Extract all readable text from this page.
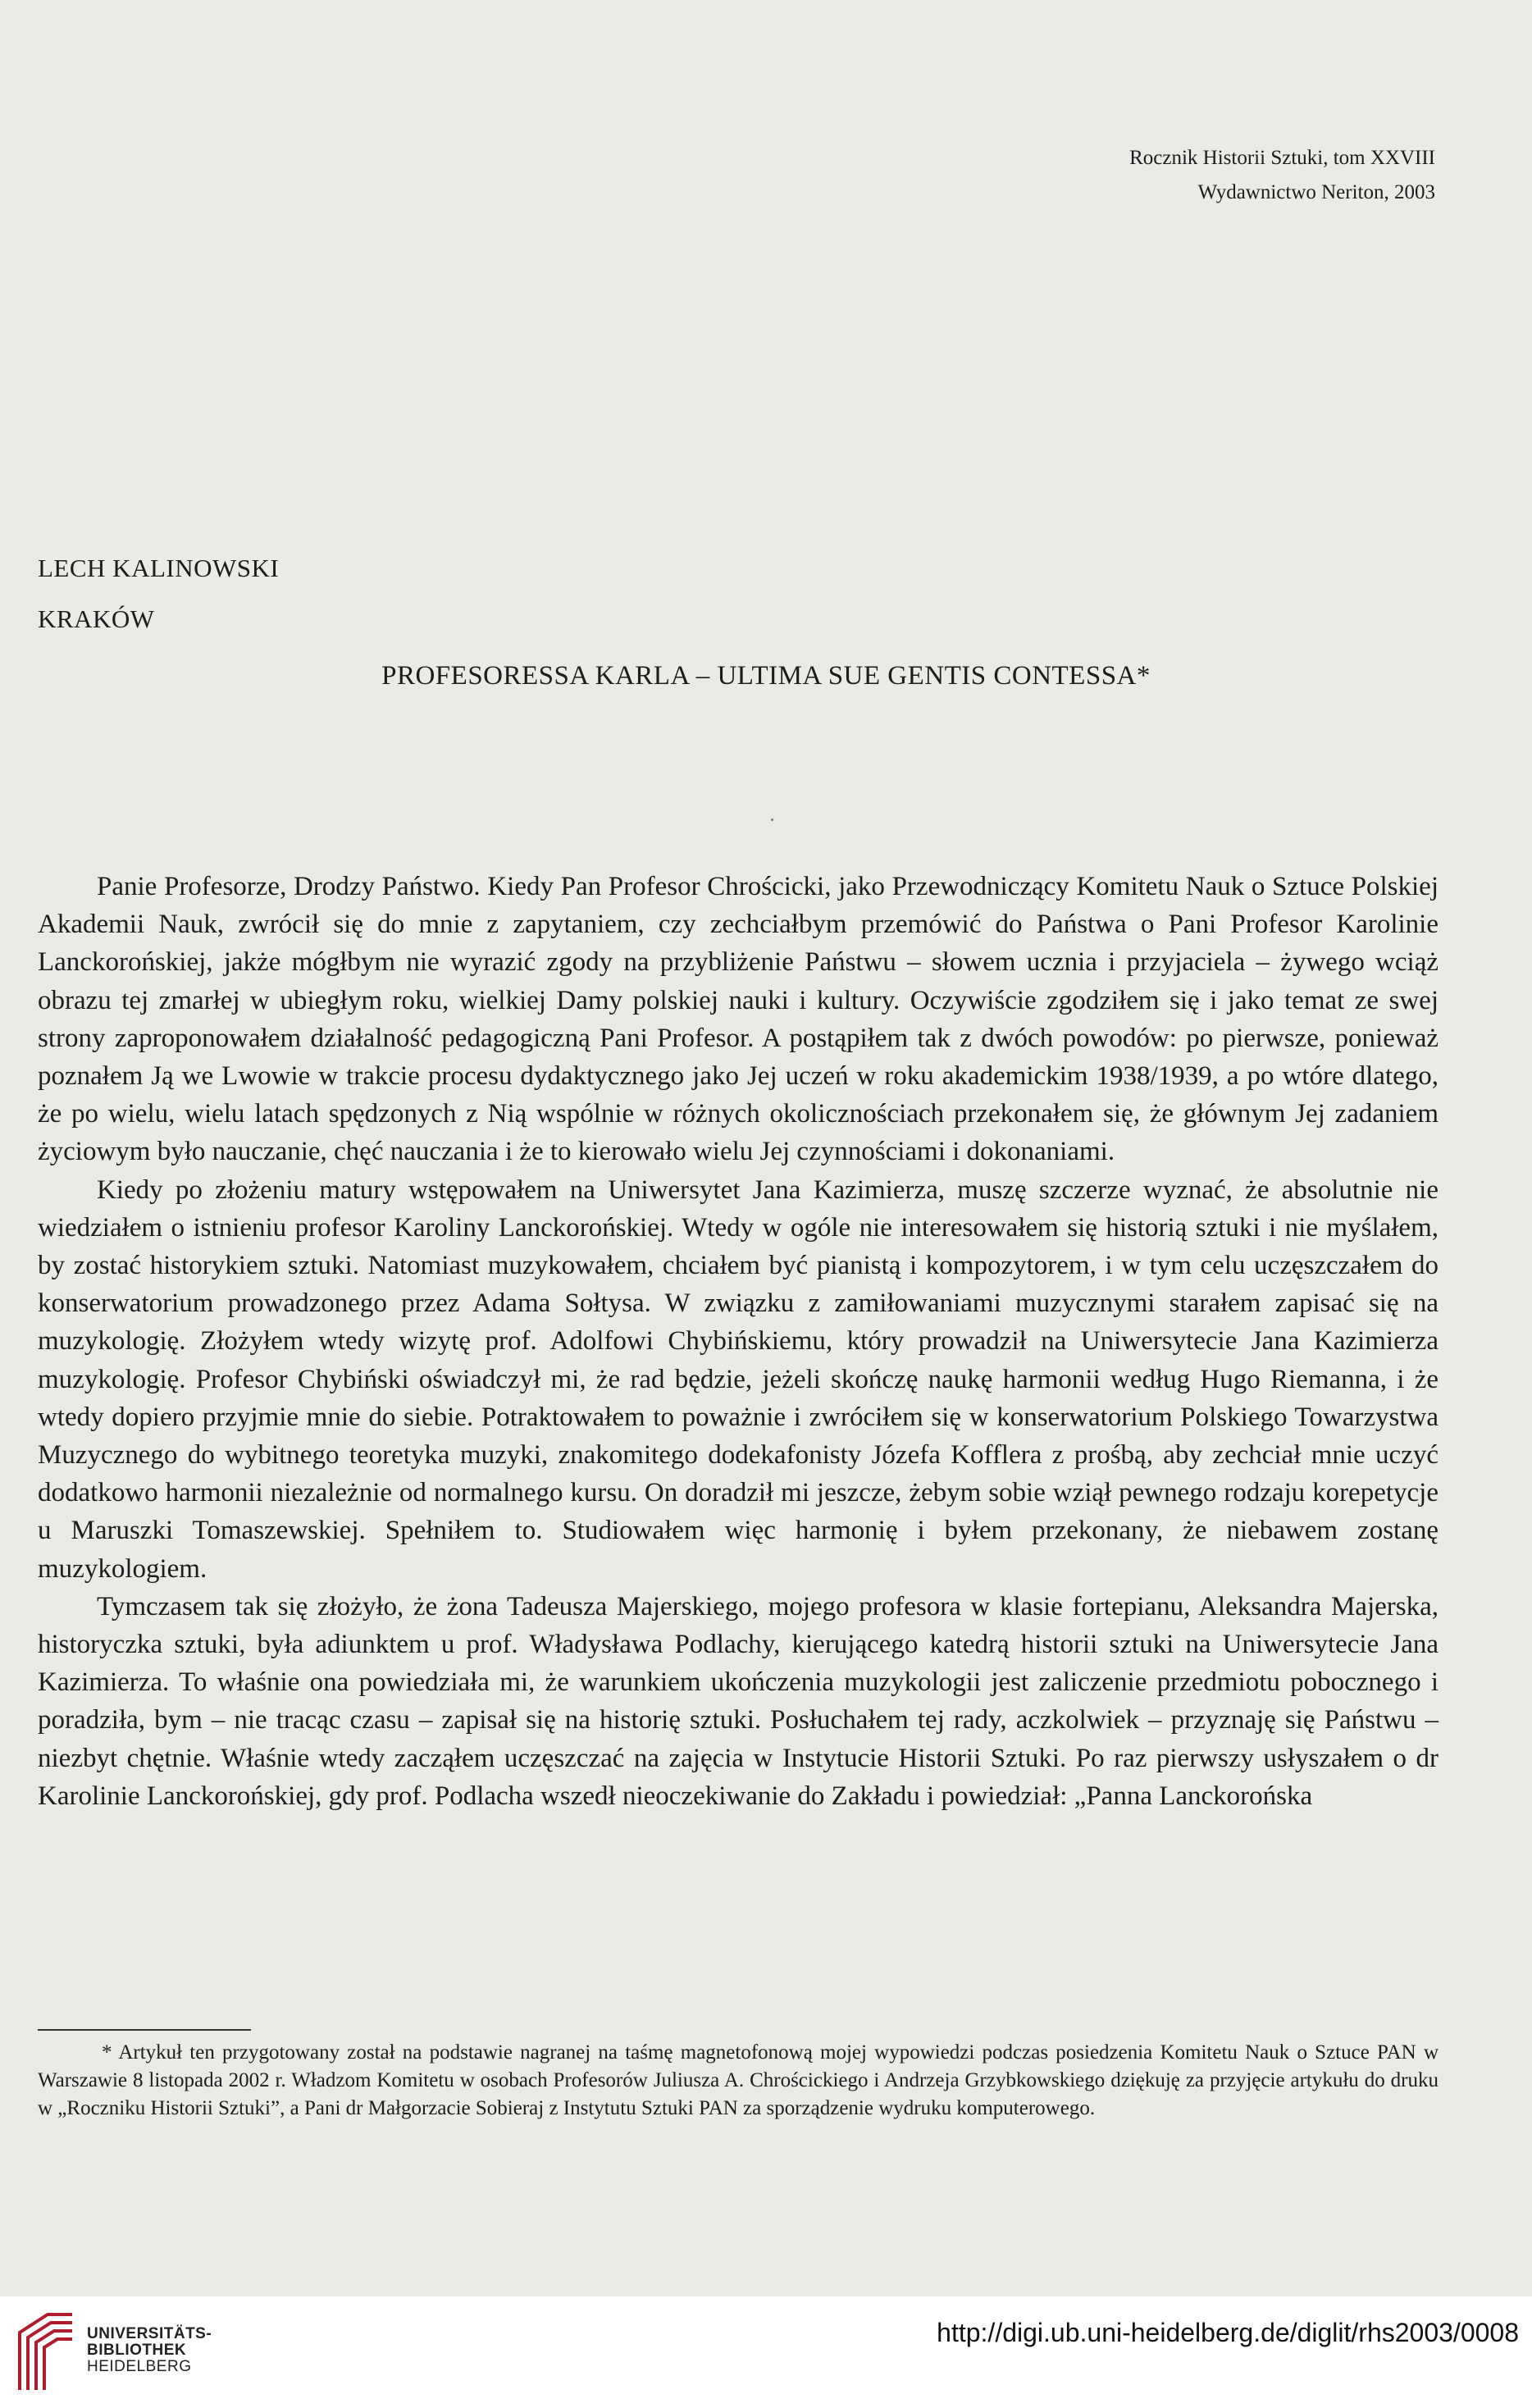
Rocznik Historii Sztuki, tom XXVIII
Wydawnictwo Neriton, 2003
LECH KALINOWSKI
KRAKÓW
PROFESORESSA KARLA – ULTIMA SUE GENTIS CONTESSA*

Panie Profesorze, Drodzy Państwo. Kiedy Pan Profesor Chrościcki, jako Przewodniczący Komitetu Nauk o Sztuce Polskiej Akademii Nauk, zwrócił się do mnie z zapytaniem, czy zechciałbym przemówić do Państwa o Pani Profesor Karolinie Lanckorońskiej, jakże mógłbym nie wyrazić zgody na przybliżenie Państwu – słowem ucznia i przyjaciela – żywego wciąż obrazu tej zmarłej w ubiegłym roku, wielkiej Damy polskiej nauki i kultury. Oczywiście zgodziłem się i jako temat ze swej strony zaproponowałem działalność pedagogiczną Pani Profesor. A postąpiłem tak z dwóch powodów: po pierwsze, ponieważ poznałem Ją we Lwowie w trakcie procesu dydaktycznego jako Jej uczeń w roku akademickim 1938/1939, a po wtóre dlatego, że po wielu, wielu latach spędzonych z Nią wspólnie w różnych okolicznościach przekonałem się, że głównym Jej zadaniem życiowym było nauczanie, chęć nauczania i że to kierowało wielu Jej czynnościami i dokonaniami.

Kiedy po złożeniu matury wstępowałem na Uniwersytet Jana Kazimierza, muszę szczerze wyznać, że absolutnie nie wiedziałem o istnieniu profesor Karoliny Lanckorońskiej. Wtedy w ogóle nie interesowałem się historią sztuki i nie myślałem, by zostać historykiem sztuki. Natomiast muzykowałem, chciałem być pianistą i kompozytorem, i w tym celu uczęszczałem do konserwatorium prowadzonego przez Adama Sołtysa. W związku z zamiłowaniami muzycznymi starałem zapisać się na muzykologię. Złożyłem wtedy wizytę prof. Adolfowi Chybińskiemu, który prowadził na Uniwersytecie Jana Kazimierza muzykologię. Profesor Chybiński oświadczył mi, że rad będzie, jeżeli skończę naukę harmonii według Hugo Riemanna, i że wtedy dopiero przyjmie mnie do siebie. Potraktowałem to poważnie i zwróciłem się w konserwatorium Polskiego Towarzystwa Muzycznego do wybitnego teoretyka muzyki, znakomitego dodekafonisty Józefa Kofflera z prośbą, aby zechciał mnie uczyć dodatkowo harmonii niezależnie od normalnego kursu. On doradził mi jeszcze, żebym sobie wziął pewnego rodzaju korepetycje u Maruszki Tomaszewskiej. Spełniłem to. Studiowałem więc harmonię i byłem przekonany, że niebawem zostanę muzykologiem.

Tymczasem tak się złożyło, że żona Tadeusza Majerskiego, mojego profesora w klasie fortepianu, Aleksandra Majerska, historyczka sztuki, była adiunktem u prof. Władysława Podlachy, kierującego katedrą historii sztuki na Uniwersytecie Jana Kazimierza. To właśnie ona powiedziała mi, że warunkiem ukończenia muzykologii jest zaliczenie przedmiotu pobocznego i poradziła, bym – nie tracąc czasu – zapisał się na historię sztuki. Posłuchałem tej rady, aczkolwiek – przyznaję się Państwu – niezbyt chętnie. Właśnie wtedy zacząłem uczęszczać na zajęcia w Instytucie Historii Sztuki. Po raz pierwszy usłyszałem o dr Karolinie Lanckorońskiej, gdy prof. Podlacha wszedł nieoczekiwanie do Zakładu i powiedział: „Panna Lanckorońska

* Artykuł ten przygotowany został na podstawie nagranej na taśmę magnetofonową mojej wypowiedzi podczas posiedzenia Komitetu Nauk o Sztuce PAN w Warszawie 8 listopada 2002 r. Władzom Komitetu w osobach Profesorów Juliusza A. Chrościckiego i Andrzeja Grzybkowskiego dziękuję za przyjęcie artykułu do druku w „Roczniku Historii Sztuki”, a Pani dr Małgorzacie Sobieraj z Instytutu Sztuki PAN za sporządzenie wydruku komputerowego.

UNIVERSITÄTS-
BIBLIOTHEK
HEIDELBERG
http://digi.ub.uni-heidelberg.de/diglit/rhs2003/0008
